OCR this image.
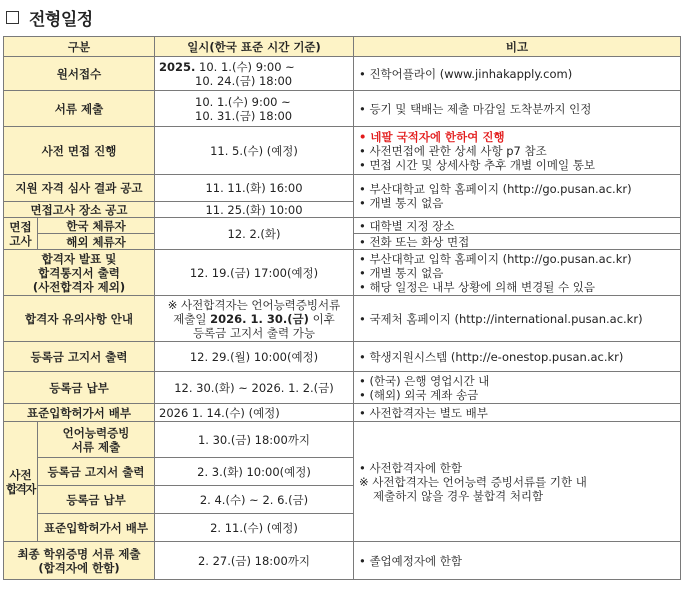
전형일정
구분		일시(한국 표준 시간 기준)	비고
원서접수		2025. 10. 1.(수) 9:00 ~
10. 24.(금) 18:00	• 진학어플라이 (www.jinhakapply.com)
서류 제출		10. 1.(수) 9:00 ~
10. 31.(금) 18:00	• 등기 및 택배는 제출 마감일 도착분까지 인정
사전 면접 진행		11. 5.(수) (예정)	• 네팔 국적자에 한하여 진행
• 사전면접에 관한 상세 사항 p7 참조
• 면접 시간 및 상세사항 추후 개별 이메일 통보

지원 자격 심사 결과 공고		11. 11.(화) 16:00	• 부산대학교 입학 홈페이지 (http://go.pusan.ac.kr)
• 개별 통지 없음

면접고사 장소 공고		11. 25.(화) 10:00	

면접
고사	한국 체류자	12. 2.(화)	• 대학별 지정 장소
	해외 체류자		• 전화 또는 화상 면접

합격자 발표 및
합격통지서 출력
(사전합격자 제외)		12. 19.(금) 17:00(예정)	• 부산대학교 입학 홈페이지 (http://go.pusan.ac.kr)
• 개별 통지 없음
• 해당 일정은 내부 상황에 의해 변경될 수 있음

합격자 유의사항 안내		※ 사전합격자는 언어능력증빙서류
제출일 2026. 1. 30.(금) 이후
등록금 고지서 출력 가능	• 국제처 홈페이지 (http://international.pusan.ac.kr)
등록금 고지서 출력		12. 29.(월) 10:00(예정)	• 학생지원시스템 (http://e-onestop.pusan.ac.kr)
등록금 납부		12. 30.(화) ~ 2026. 1. 2.(금)	• (한국) 은행 영업시간 내
• (해외) 외국 계좌 송금

표준입학허가서 배부		2026 1. 14.(수) (예정)	• 사전합격자는 별도 배부

사전
합격자	언어능력증빙
서류 제출	1. 30.(금) 18:00까지	• 사전합격자에 한함
※ 사전합격자는 언어능력 증빙서류를 기한 내
제출하지 않을 경우 불합격 처리함

	등록금 고지서 출력	2. 3.(화) 10:00(예정)	
	등록금 납부	2. 4.(수) ~ 2. 6.(금)	
	표준입학허가서 배부	2. 11.(수) (예정)	

최종 학위증명 서류 제출
(합격자에 한함)		2. 27.(금) 18:00까지	• 졸업예정자에 한함
